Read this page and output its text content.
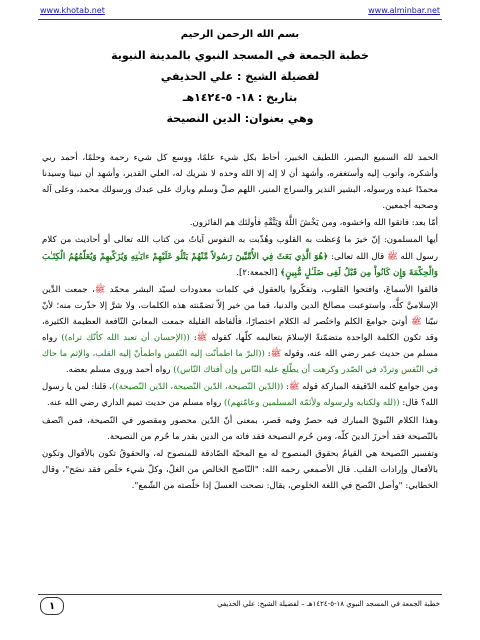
www.khotab.net	www.alminbar.net
بسم الله الرحمن الرحيم
خطبة الجمعة في المسجد النبوي بالمدينة النبوية
لفضيلة الشيخ : علي الحذيفي
بتاريخ : ١٨- ٥-١٤٢٤هـ
وهي بعنوان: الدين النصيحة

الحمد لله السميع البصير، اللطيف الخبير، أحاط بكل شيء علمًا، ووسع كل شيء رحمة وحلمًا، أحمد ربي وأشكره، وأتوب إليه وأستغفره، وأشهد أن لا إله إلا الله وحده لا شريك له، العلي القدير، وأشهد أن نبينا وسيدنا محمدًا عبده ورسوله، البشير النذير والسراج المنير، اللهم صلّ وسلم وبارك على عبدك ورسولك محمد، وعلى آله وصحبه أجمعين.

أمّا بعد: فاتقوا الله واخشوه، ومن يَخْشَ اللَّهَ وَيَتَّقْهِ فأولئك هم الفائزون.

أيها المسلمون: إنّ خيرَ ما وُعظت به القلوب وهُذّبت به النفوس آياتٌ من كتاب الله تعالى أو أحاديث من كلام رسول الله ﷺ قال الله تعالى: ﴿هُوَ الَّذِي بَعَثَ فِي الأُمِّيِّينَ رَسُولاً مِّنْهُمْ يَتْلُو عَلَيْهِمْ ءايَـٰتِهِ وَيُزَكّيهِمْ وَيُعَلّمُهُمُ الْكِتَـٰبَ وَالْحِكْمَةَ وَإِن كَانُواْ مِن قَبْلُ لَفِى ضَلَـٰلٍ مُّبِينٍ﴾ [الجمعة:٢].

فالقوا الأسماعَ، وافتحوا القلوب، وتفكّروا بالعقول في كلمات معدودات لسيّد البشر محمّد ﷺ، جمعت الدِّين الإسلاميَّ كلَّه، واستوعبت مصالحَ الدين والدنيا، فما من خير إلاّ تضمّنته هذه الكلمات، ولا شرَّ إلا حذّرت منه؛ لأنّ نبيّنا ﷺ أوتيَ جوامعَ الكلم واختُصر له الكلام اختصارًا، فألفاظه القليلة جمعت المعانيَ النّافعة العظيمة الكثيرة، وقد تكون الكلمة الواحدة متضمّنةً الإسلامَ بتعاليمه كلّها، كقوله ﷺ: ((الإحسان أن تعبد الله كأنّك تراه)) رواه مسلم من حديث عمر رضي الله عنه، وقوله ﷺ: ((البرّ ما اطمأنّت إليه النّفس واطمأنّ إليه القلب، والإثم ما حاك في النّفس وتردّد في الصّدر وكرهت أن يطّلع عليه النّاس وإن أفتاك النّاس)) رواه أحمد وروى مسلم بعضه.

ومن جوامع كلمه الدّقيقة المباركة قوله ﷺ: ((الدّين النّصيحة، الدّين النّصيحة، الدّين النّصيحة))، قلنا: لمن يا رسول الله؟ قال: ((لله ولكتابه ولرسوله ولأئمّة المسلمين وعامّتهم)) رواه مسلم من حديث تميم الداري رضي الله عنه.

وهذا الكلام النّبويّ المبارك فيه حصرٌ وفيه قصر، بمعنى أنّ الدّين محصور ومقصور في النّصيحة، فمن اتّصف بالنّصيحة فقد أحرزَ الدينَ كلّه، ومن حُرم النصيحة فقد فاته من الدين بقدر ما حُرم من النصيحة.

وتفسير النّصيحة هي القيامُ بحقوق المنصوح له مع المحبّة الصّادقة للمنصوح له، والحقوقُ تكون بالأقوال وتكون بالأفعال وإرادات القلب. قال الأصمعي رحمه الله: "النّاصح الخالص من الغلّ، وكلّ شيء خلَص فقد نصَح"، وقال الخطابي: "وأصل النّصح في اللغة الخلوص، يقال: نصحت العسلَ إذا خلّصته من الشّمع".

خطبة الجمعة في المسجد النبوي ١٨-٥-١٤٢٤هـ – لفضيلة الشيخ: علي الحذيفي
١
